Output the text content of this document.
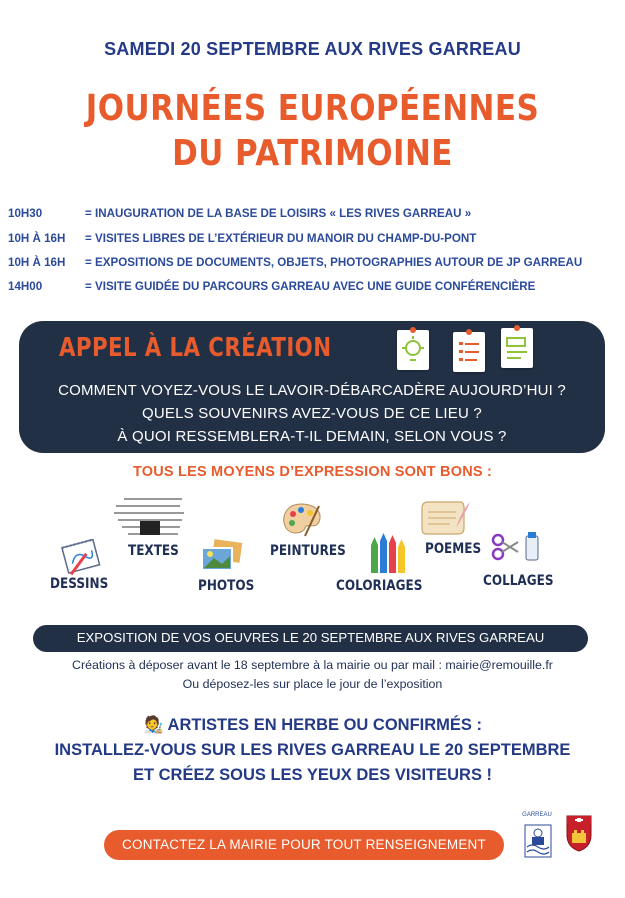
SAMEDI 20 SEPTEMBRE AUX RIVES GARREAU
JOURNÉES EUROPÉENNES
DU PATRIMOINE
10H30	= INAUGURATION DE LA BASE DE LOISIRS « LES RIVES GARREAU »
10H À 16H = VISITES LIBRES DE L’EXTÉRIEUR DU MANOIR DU CHAMP-DU-PONT
10H À 16H = EXPOSITIONS DE DOCUMENTS, OBJETS, PHOTOGRAPHIES AUTOUR DE JP GARREAU
14H00	= VISITE GUIDÉE DU PARCOURS GARREAU AVEC UNE GUIDE CONFÉRENCIÈRE
APPEL À LA CRÉATION
COMMENT VOYEZ-VOUS LE LAVOIR-DÉBARCADÈRE AUJOURD’HUI ?
QUELS SOUVENIRS AVEZ-VOUS DE CE LIEU ?
À QUOI RESSEMBLERA-T-IL DEMAIN, SELON VOUS ?
TOUS LES MOYENS D’EXPRESSION SONT BONS :
DESSINS
TEXTES
PHOTOS
PEINTURES
COLORIAGES
POEMES
COLLAGES
EXPOSITION DE VOS OEUVRES LE 20 SEPTEMBRE AUX RIVES GARREAU
Créations à déposer avant le 18 septembre à la mairie ou par mail : mairie@remouille.fr
Ou déposez-les sur place le jour de l’exposition
🧑‍🎨 ARTISTES EN HERBE OU CONFIRMÉS :
INSTALLEZ-VOUS SUR LES RIVES GARREAU LE 20 SEPTEMBRE
ET CRÉEZ SOUS LES YEUX DES VISITEURS !
CONTACTEZ LA MAIRIE POUR TOUT RENSEIGNEMENT
GARREAU
